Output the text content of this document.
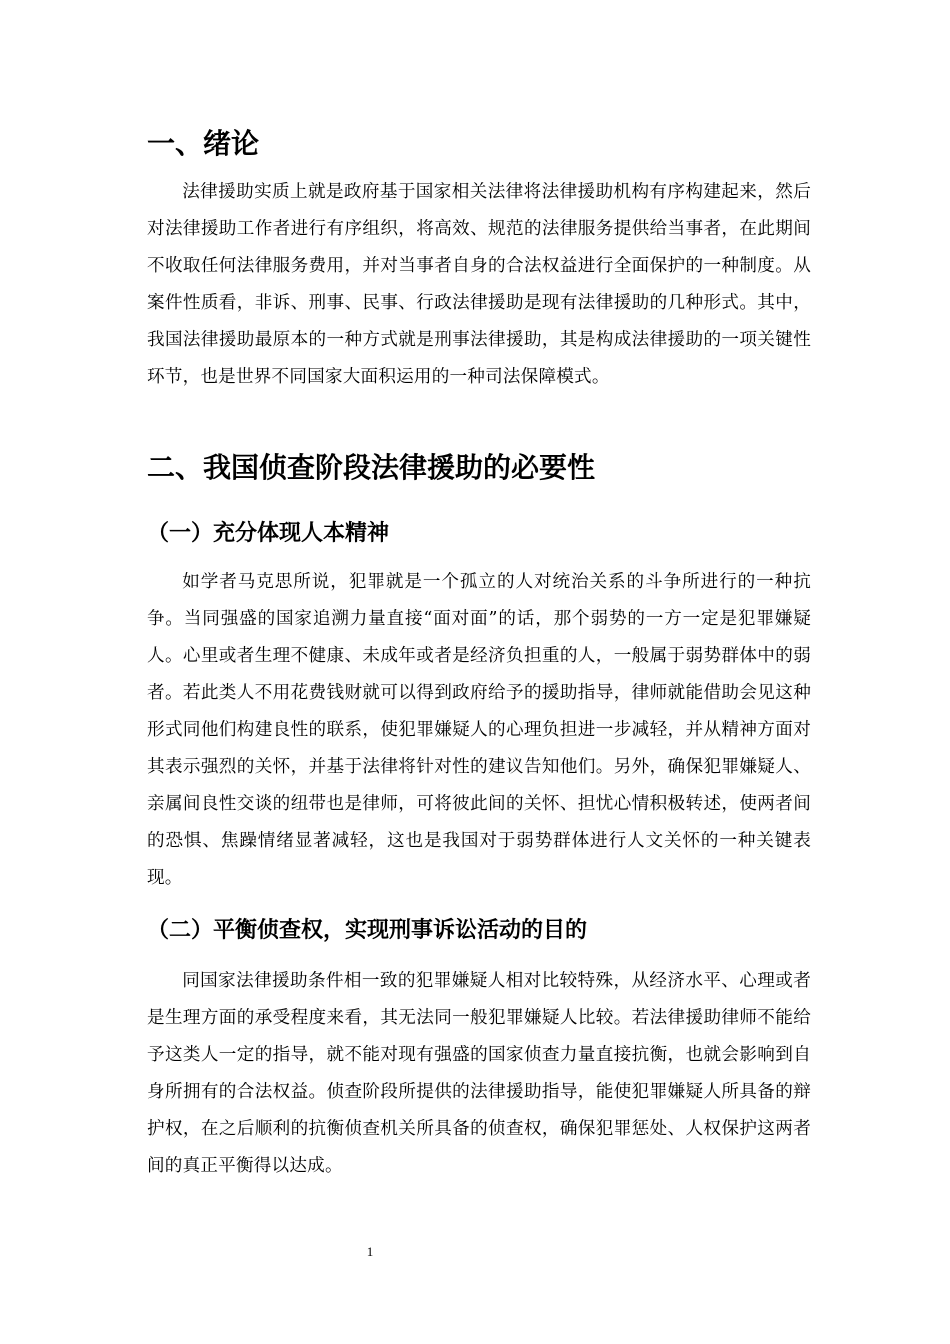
一、绪论

法律援助实质上就是政府基于国家相关法律将法律援助机构有序构建起来，然后对法律援助工作者进行有序组织，将高效、规范的法律服务提供给当事者，在此期间不收取任何法律服务费用，并对当事者自身的合法权益进行全面保护的一种制度。从案件性质看，非诉、刑事、民事、行政法律援助是现有法律援助的几种形式。其中，我国法律援助最原本的一种方式就是刑事法律援助，其是构成法律援助的一项关键性环节，也是世界不同国家大面积运用的一种司法保障模式。

二、我国侦查阶段法律援助的必要性
（一）充分体现人本精神

如学者马克思所说，犯罪就是一个孤立的人对统治关系的斗争所进行的一种抗争。当同强盛的国家追溯力量直接“面对面”的话，那个弱势的一方一定是犯罪嫌疑人。心里或者生理不健康、未成年或者是经济负担重的人，一般属于弱势群体中的弱者。若此类人不用花费钱财就可以得到政府给予的援助指导，律师就能借助会见这种形式同他们构建良性的联系，使犯罪嫌疑人的心理负担进一步减轻，并从精神方面对其表示强烈的关怀，并基于法律将针对性的建议告知他们。另外，确保犯罪嫌疑人、亲属间良性交谈的纽带也是律师，可将彼此间的关怀、担忧心情积极转述，使两者间的恐惧、焦躁情绪显著减轻，这也是我国对于弱势群体进行人文关怀的一种关键表现。

（二）平衡侦查权，实现刑事诉讼活动的目的

同国家法律援助条件相一致的犯罪嫌疑人相对比较特殊，从经济水平、心理或者是生理方面的承受程度来看，其无法同一般犯罪嫌疑人比较。若法律援助律师不能给予这类人一定的指导，就不能对现有强盛的国家侦查力量直接抗衡，也就会影响到自身所拥有的合法权益。侦查阶段所提供的法律援助指导，能使犯罪嫌疑人所具备的辩护权，在之后顺利的抗衡侦查机关所具备的侦查权，确保犯罪惩处、人权保护这两者间的真正平衡得以达成。

1
